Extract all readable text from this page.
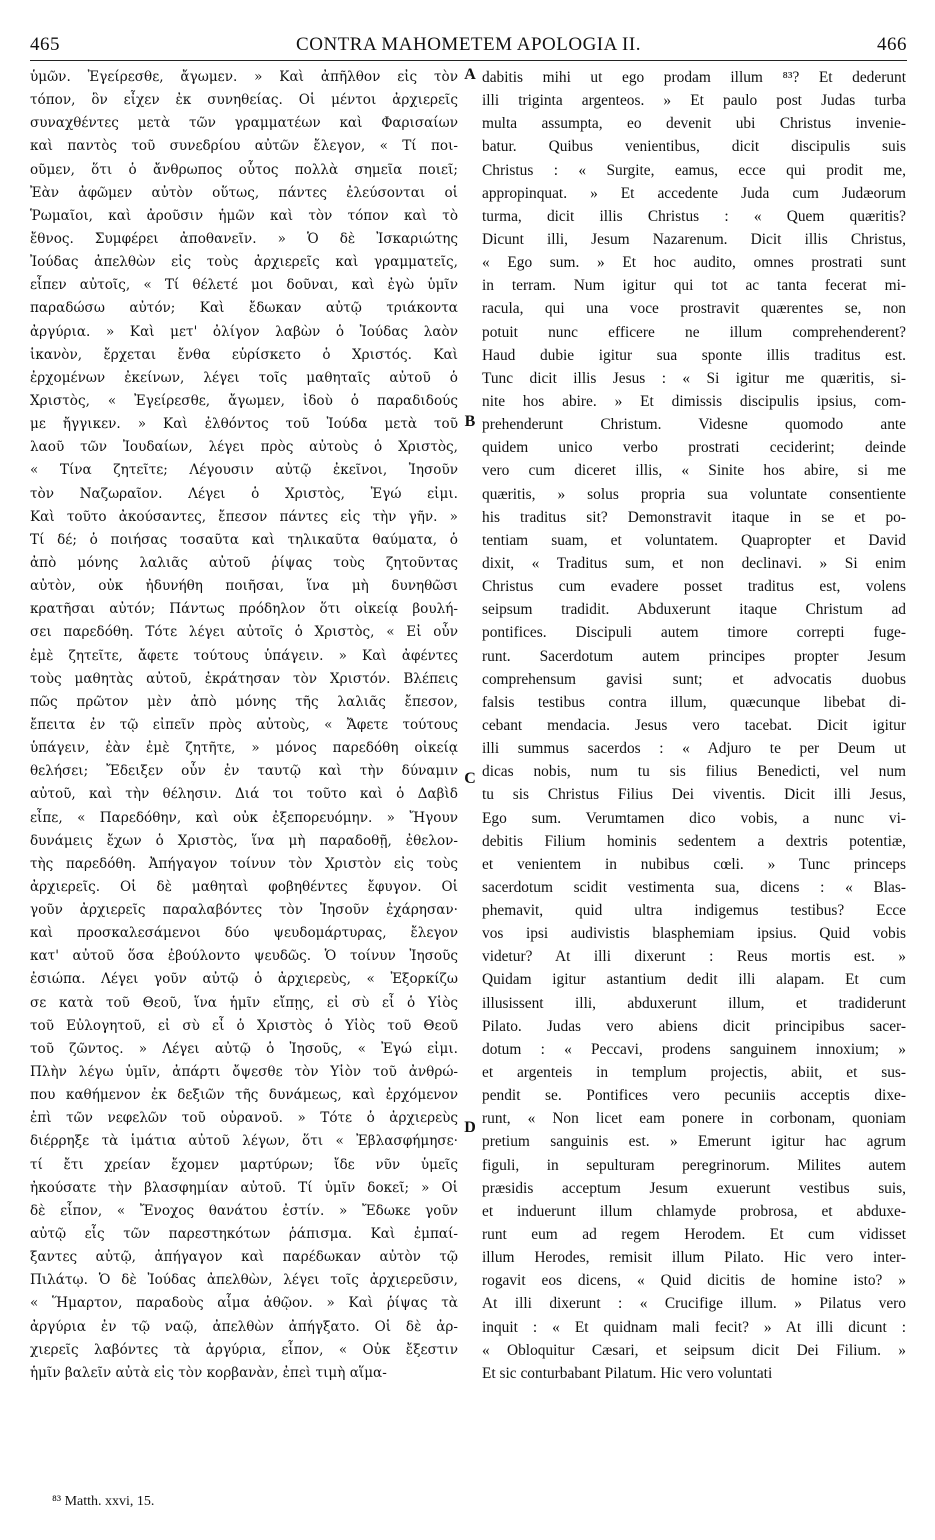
465	CONTRA MAHOMETEM APOLOGIA II.	466
ὑμῶν. Ἐγείρεσθε, ἄγωμεν. » Καὶ ἀπῆλθον εἰς τὸν
τόπον, ὃν εἶχεν ἐκ συνηθείας. Οἱ μέντοι ἀρχιερεῖς
συναχθέντες μετὰ τῶν γραμματέων καὶ Φαρισαίων
καὶ παντὸς τοῦ συνεδρίου αὐτῶν ἔλεγον, « Τί ποι-
οῦμεν, ὅτι ὁ ἄνθρωπος οὗτος πολλὰ σημεῖα ποιεῖ;
Ἐὰν ἀφῶμεν αὐτὸν οὕτως, πάντες ἐλεύσονται οἱ
Ῥωμαῖοι, καὶ ἀροῦσιν ἡμῶν καὶ τὸν τόπον καὶ τὸ
ἔθνος. Συμφέρει ἀποθανεῖν. » Ὁ δὲ Ἰσκαριώτης
Ἰούδας ἀπελθὼν εἰς τοὺς ἀρχιερεῖς καὶ γραμματεῖς,
εἶπεν αὐτοῖς, « Τί θέλετέ μοι δοῦναι, καὶ ἐγὼ ὑμῖν
παραδώσω αὐτόν; Καὶ ἔδωκαν αὐτῷ τριάκοντα
ἀργύρια. » Καὶ μετ' ὀλίγον λαβὼν ὁ Ἰούδας λαὸν
ἱκανὸν, ἔρχεται ἔνθα εὑρίσκετο ὁ Χριστός. Καὶ
ἐρχομένων ἐκείνων, λέγει τοῖς μαθηταῖς αὐτοῦ ὁ
Χριστὸς, « Ἐγείρεσθε, ἄγωμεν, ἰδοὺ ὁ παραδιδούς
με ἤγγικεν. » Καὶ ἐλθόντος τοῦ Ἰούδα μετὰ τοῦ
λαοῦ τῶν Ἰουδαίων, λέγει πρὸς αὐτοὺς ὁ Χριστὸς,
« Τίνα ζητεῖτε; Λέγουσιν αὐτῷ ἐκεῖνοι, Ἰησοῦν
τὸν Ναζωραῖον. Λέγει ὁ Χριστὸς, Ἐγώ εἰμι.
Καὶ τοῦτο ἀκούσαντες, ἔπεσον πάντες εἰς τὴν γῆν. »
Τί δέ; ὁ ποιήσας τοσαῦτα καὶ τηλικαῦτα θαύματα, ὁ
ἀπὸ μόνης λαλιᾶς αὐτοῦ ῥίψας τοὺς ζητοῦντας
αὐτὸν, οὐκ ἠδυνήθη ποιῆσαι, ἵνα μὴ δυνηθῶσι
κρατῆσαι αὐτόν; Πάντως πρόδηλον ὅτι οἰκείᾳ βουλή-
σει παρεδόθη. Τότε λέγει αὐτοῖς ὁ Χριστὸς, « Εἰ οὖν
ἐμὲ ζητεῖτε, ἄφετε τούτους ὑπάγειν. » Καὶ ἀφέντες
τοὺς μαθητὰς αὐτοῦ, ἐκράτησαν τὸν Χριστόν. Βλέπεις
πῶς πρῶτον μὲν ἀπὸ μόνης τῆς λαλιᾶς ἔπεσον,
ἔπειτα ἐν τῷ εἰπεῖν πρὸς αὐτοὺς, « Ἄφετε τούτους
ὑπάγειν, ἐὰν ἐμὲ ζητῆτε, » μόνος παρεδόθη οἰκείᾳ
θελήσει; Ἔδειξεν οὖν ἐν ταυτῷ καὶ τὴν δύναμιν
αὐτοῦ, καὶ τὴν θέλησιν. Διά τοι τοῦτο καὶ ὁ Δαβὶδ
εἶπε, « Παρεδόθην, καὶ οὐκ ἐξεπορευόμην. » Ἤγουν
δυνάμεις ἔχων ὁ Χριστὸς, ἵνα μὴ παραδοθῇ, ἐθελον-
τὴς παρεδόθη. Ἀπήγαγον τοίνυν τὸν Χριστὸν εἰς τοὺς
ἀρχιερεῖς. Οἱ δὲ μαθηταὶ φοβηθέντες ἔφυγον. Οἱ
γοῦν ἀρχιερεῖς παραλαβόντες τὸν Ἰησοῦν ἐχάρησαν·
καὶ προσκαλεσάμενοι δύο ψευδομάρτυρας, ἔλεγον
κατ' αὐτοῦ ὅσα ἐβούλοντο ψευδῶς. Ὁ τοίνυν Ἰησοῦς
ἐσιώπα. Λέγει γοῦν αὐτῷ ὁ ἀρχιερεὺς, « Ἐξορκίζω
σε κατὰ τοῦ Θεοῦ, ἵνα ἡμῖν εἴπῃς, εἰ σὺ εἶ ὁ Υἱὸς
τοῦ Εὐλογητοῦ, εἰ σὺ εἶ ὁ Χριστὸς ὁ Υἱὸς τοῦ Θεοῦ
τοῦ ζῶντος. » Λέγει αὐτῷ ὁ Ἰησοῦς, « Ἐγώ εἰμι.
Πλὴν λέγω ὑμῖν, ἀπάρτι ὄψεσθε τὸν Υἱὸν τοῦ ἀνθρώ-
που καθήμενον ἐκ δεξιῶν τῆς δυνάμεως, καὶ ἐρχόμενον
ἐπὶ τῶν νεφελῶν τοῦ οὐρανοῦ. » Τότε ὁ ἀρχιερεὺς
διέρρηξε τὰ ἱμάτια αὐτοῦ λέγων, ὅτι « Ἐβλασφήμησε·
τί ἔτι χρείαν ἔχομεν μαρτύρων; ἴδε νῦν ὑμεῖς
ἠκούσατε τὴν βλασφημίαν αὐτοῦ. Τί ὑμῖν δοκεῖ; » Οἱ
δὲ εἶπον, « Ἔνοχος θανάτου ἐστίν. » Ἔδωκε γοῦν
αὐτῷ εἷς τῶν παρεστηκότων ῥάπισμα. Καὶ ἐμπαί-
ξαντες αὐτῷ, ἀπήγαγον καὶ παρέδωκαν αὐτὸν τῷ
Πιλάτῳ. Ὁ δὲ Ἰούδας ἀπελθὼν, λέγει τοῖς ἀρχιερεῦσιν,
« Ἥμαρτον, παραδοὺς αἷμα ἀθῷον. » Καὶ ῥίψας τὰ
ἀργύρια ἐν τῷ ναῷ, ἀπελθὼν ἀπήγξατο. Οἱ δὲ ἀρ-
χιερεῖς λαβόντες τὰ ἀργύρια, εἶπον, « Οὐκ ἔξεστιν
ἡμῖν βαλεῖν αὐτὰ εἰς τὸν κορβανὰν, ἐπεὶ τιμὴ αἵμα-
dabitis mihi ut ego prodam illum ⁸³? Et dederunt
illi triginta argenteos. » Et paulo post Judas turba
multa assumpta, eo devenit ubi Christus invenie-
batur. Quibus venientibus, dicit discipulis suis
Christus : « Surgite, eamus, ecce qui prodit me,
appropinquat. » Et accedente Juda cum Judæorum
turma, dicit illis Christus : « Quem quæritis?
Dicunt illi, Jesum Nazarenum. Dicit illis Christus,
« Ego sum. » Et hoc audito, omnes prostrati sunt
in terram. Num igitur qui tot ac tanta fecerat mi-
racula, qui una voce prostravit quærentes se, non
potuit nunc efficere ne illum comprehenderent?
Haud dubie igitur sua sponte illis traditus est.
Tunc dicit illis Jesus : « Si igitur me quæritis, si-
nite hos abire. » Et dimissis discipulis ipsius, com-
prehenderunt Christum. Videsne quomodo ante
quidem unico verbo prostrati ceciderint; deinde
vero cum diceret illis, « Sinite hos abire, si me
quæritis, » solus propria sua voluntate consentiente
his traditus sit? Demonstravit itaque in se et po-
tentiam suam, et voluntatem. Quapropter et David
dixit, « Traditus sum, et non declinavi. » Si enim
Christus cum evadere posset traditus est, volens
seipsum tradidit. Abduxerunt itaque Christum ad
pontifices. Discipuli autem timore correpti fuge-
runt. Sacerdotum autem principes propter Jesum
comprehensum gavisi sunt; et advocatis duobus
falsis testibus contra illum, quæcunque libebat di-
cebant mendacia. Jesus vero tacebat. Dicit igitur
illi summus sacerdos : « Adjuro te per Deum ut
dicas nobis, num tu sis filius Benedicti, vel num
tu sis Christus Filius Dei viventis. Dicit illi Jesus,
Ego sum. Verumtamen dico vobis, a nunc vi-
debitis Filium hominis sedentem a dextris potentiæ,
et venientem in nubibus cœli. » Tunc princeps
sacerdotum scidit vestimenta sua, dicens : « Blas-
phemavit, quid ultra indigemus testibus? Ecce
vos ipsi audivistis blasphemiam ipsius. Quid vobis
videtur? At illi dixerunt : Reus mortis est. »
Quidam igitur astantium dedit illi alapam. Et cum
illusissent illi, abduxerunt illum, et tradiderunt
Pilato. Judas vero abiens dicit principibus sacer-
dotum : « Peccavi, prodens sanguinem innoxium; »
et argenteis in templum projectis, abiit, et sus-
pendit se. Pontifices vero pecuniis acceptis dixe-
runt, « Non licet eam ponere in corbonam, quoniam
pretium sanguinis est. » Emerunt igitur hac agrum
figuli, in sepulturam peregrinorum. Milites autem
præsidis acceptum Jesum exuerunt vestibus suis,
et induerunt illum chlamyde probrosa, et abduxe-
runt eum ad regem Herodem. Et cum vidisset
illum Herodes, remisit illum Pilato. Hic vero inter-
rogavit eos dicens, « Quid dicitis de homine isto? »
At illi dixerunt : « Crucifige illum. » Pilatus vero
inquit : « Et quidnam mali fecit? » At illi dicunt :
« Obloquitur Cæsari, et seipsum dicit Dei Filium. »
Et sic conturbabant Pilatum. Hic vero voluntati
A
B
C
D
⁸³ Matth. xxvi, 15.
